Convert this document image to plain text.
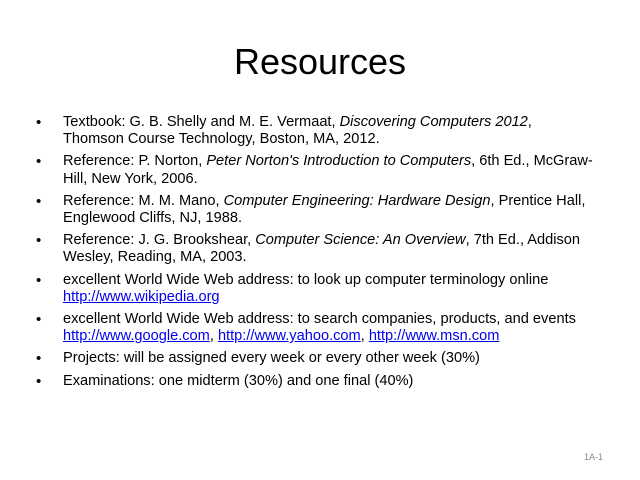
Resources
•	Textbook: G. B. Shelly and M. E. Vermaat, Discovering Computers 2012, Thomson Course Technology, Boston, MA, 2012.
•	Reference: P. Norton, Peter Norton's Introduction to Computers, 6th Ed., McGraw-Hill, New York, 2006.
•	Reference: M. M. Mano, Computer Engineering: Hardware Design, Prentice Hall, Englewood Cliffs, NJ, 1988.
•	Reference: J. G. Brookshear, Computer Science: An Overview, 7th Ed., Addison Wesley, Reading, MA, 2003.
•	excellent World Wide Web address: to look up computer terminology online http://www.wikipedia.org
•	excellent World Wide Web address: to search companies, products, and events http://www.google.com, http://www.yahoo.com, http://www.msn.com
•	Projects: will be assigned every week or every other week (30%)
•	Examinations: one midterm (30%) and one final (40%)
1A-1
